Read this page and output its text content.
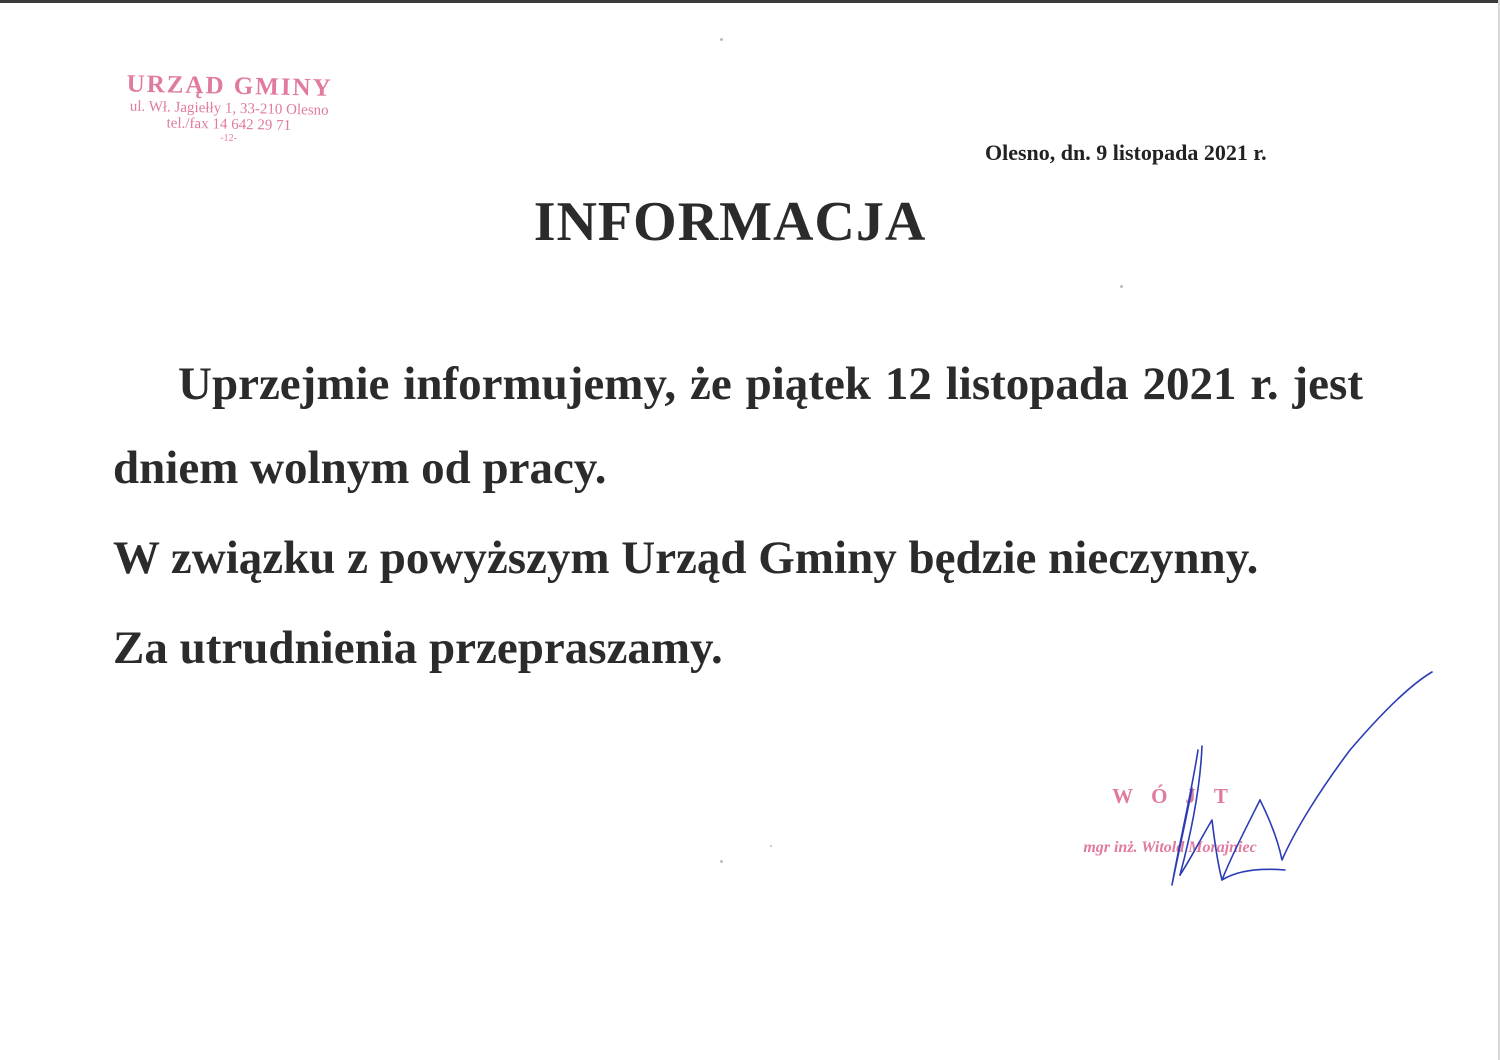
URZĄD GMINY
ul. Wł. Jagiełły 1, 33-210 Olesno
tel./fax 14 642 29 71
-12-
Olesno, dn. 9 listopada 2021 r.
INFORMACJA

Uprzejmie informujemy, że piątek 12 listopada 2021 r. jest dniem wolnym od pracy.

W związku z powyższym Urząd Gminy będzie nieczynny.

Za utrudnienia przepraszamy.

WÓJT
mgr inż. Witold Morajniec
